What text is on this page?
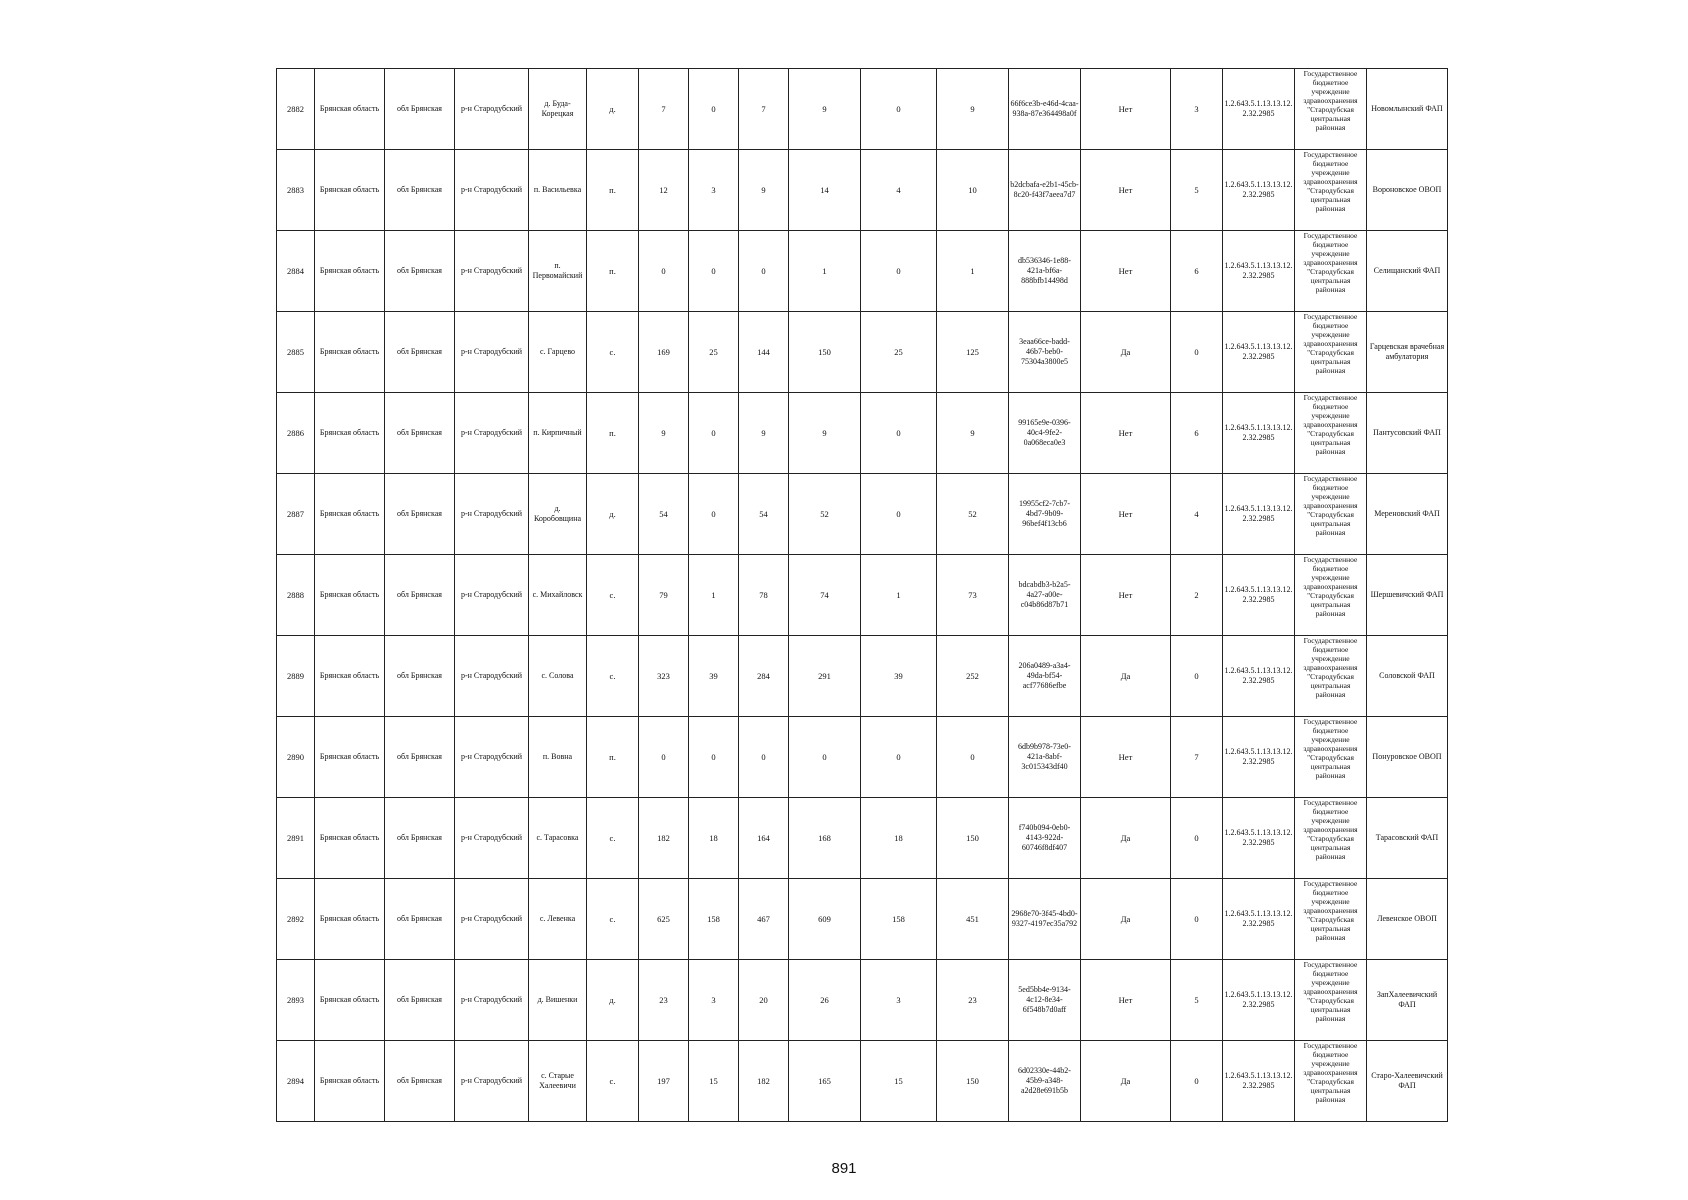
2882	Брянская область	обл Брянская	р-н Стародубский	д. Буда-Корецкая	д.	7	0	7	9	0	9	66f6ce3b-e46d-4caa-938a-87e364498a0f	Нет	3	1.2.643.5.1.13.13.12.2.32.2985	Государственное бюджетное учреждение здравоохранения "Стародубская центральная районная	Новомлынский ФАП
2883	Брянская область	обл Брянская	р-н Стародубский	п. Васильевка	п.	12	3	9	14	4	10	b2dcbafa-e2b1-45cb-8c20-f43f7aeea7d7	Нет	5	1.2.643.5.1.13.13.12.2.32.2985	Государственное бюджетное учреждение здравоохранения "Стародубская центральная районная	Вороновское ОВОП
2884	Брянская область	обл Брянская	р-н Стародубский	п. Первомайский	п.	0	0	0	1	0	1	db536346-1e88-421a-bf6a-888bfb14498d	Нет	6	1.2.643.5.1.13.13.12.2.32.2985	Государственное бюджетное учреждение здравоохранения "Стародубская центральная районная	Селищанский ФАП
2885	Брянская область	обл Брянская	р-н Стародубский	с. Гарцево	с.	169	25	144	150	25	125	3eaa66ce-badd-46b7-beb0-75304a3800e5	Да	0	1.2.643.5.1.13.13.12.2.32.2985	Государственное бюджетное учреждение здравоохранения "Стародубская центральная районная	Гарцевская врачебная амбулатория
2886	Брянская область	обл Брянская	р-н Стародубский	п. Кирпичный	п.	9	0	9	9	0	9	99165e9e-0396-40c4-9fe2-0a068eca0e3	Нет	6	1.2.643.5.1.13.13.12.2.32.2985	Государственное бюджетное учреждение здравоохранения "Стародубская центральная районная	Пантусовский ФАП
2887	Брянская область	обл Брянская	р-н Стародубский	д. Коробовщина	д.	54	0	54	52	0	52	19955cf2-7cb7-4bd7-9b09-96bef4f13cb6	Нет	4	1.2.643.5.1.13.13.12.2.32.2985	Государственное бюджетное учреждение здравоохранения "Стародубская центральная районная	Мереновский ФАП
2888	Брянская область	обл Брянская	р-н Стародубский	с. Михайловск	с.	79	1	78	74	1	73	bdcabdb3-b2a5-4a27-a00e-c04b86d87b71	Нет	2	1.2.643.5.1.13.13.12.2.32.2985	Государственное бюджетное учреждение здравоохранения "Стародубская центральная районная	Шершевичский ФАП
2889	Брянская область	обл Брянская	р-н Стародубский	с. Солова	с.	323	39	284	291	39	252	206a0489-a3a4-49da-bf54-acf77686efbe	Да	0	1.2.643.5.1.13.13.12.2.32.2985	Государственное бюджетное учреждение здравоохранения "Стародубская центральная районная	Соловской ФАП
2890	Брянская область	обл Брянская	р-н Стародубский	п. Вовна	п.	0	0	0	0	0	0	6db9b978-73e0-421a-8abf-3c015343df40	Нет	7	1.2.643.5.1.13.13.12.2.32.2985	Государственное бюджетное учреждение здравоохранения "Стародубская центральная районная	Понуровское ОВОП
2891	Брянская область	обл Брянская	р-н Стародубский	с. Тарасовка	с.	182	18	164	168	18	150	f740b094-0eb0-4143-922d-60746f8df407	Да	0	1.2.643.5.1.13.13.12.2.32.2985	Государственное бюджетное учреждение здравоохранения "Стародубская центральная районная	Тарасовский ФАП
2892	Брянская область	обл Брянская	р-н Стародубский	с. Левенка	с.	625	158	467	609	158	451	2968e70-3f45-4bd0-9327-4197ec35a792	Да	0	1.2.643.5.1.13.13.12.2.32.2985	Государственное бюджетное учреждение здравоохранения "Стародубская центральная районная	Левенское ОВОП
2893	Брянская область	обл Брянская	р-н Стародубский	д. Вишенки	д.	23	3	20	26	3	23	5ed5bb4e-9134-4c12-8e34-6f548b7d0aff	Нет	5	1.2.643.5.1.13.13.12.2.32.2985	Государственное бюджетное учреждение здравоохранения "Стародубская центральная районная	ЗапХалеевичский ФАП
2894	Брянская область	обл Брянская	р-н Стародубский	с. Старые Халеевичи	с.	197	15	182	165	15	150	6d02330e-44b2-45b9-a348-a2d28e691b5b	Да	0	1.2.643.5.1.13.13.12.2.32.2985	Государственное бюджетное учреждение здравоохранения "Стародубская центральная районная	Старо-Халеевичский ФАП
891
